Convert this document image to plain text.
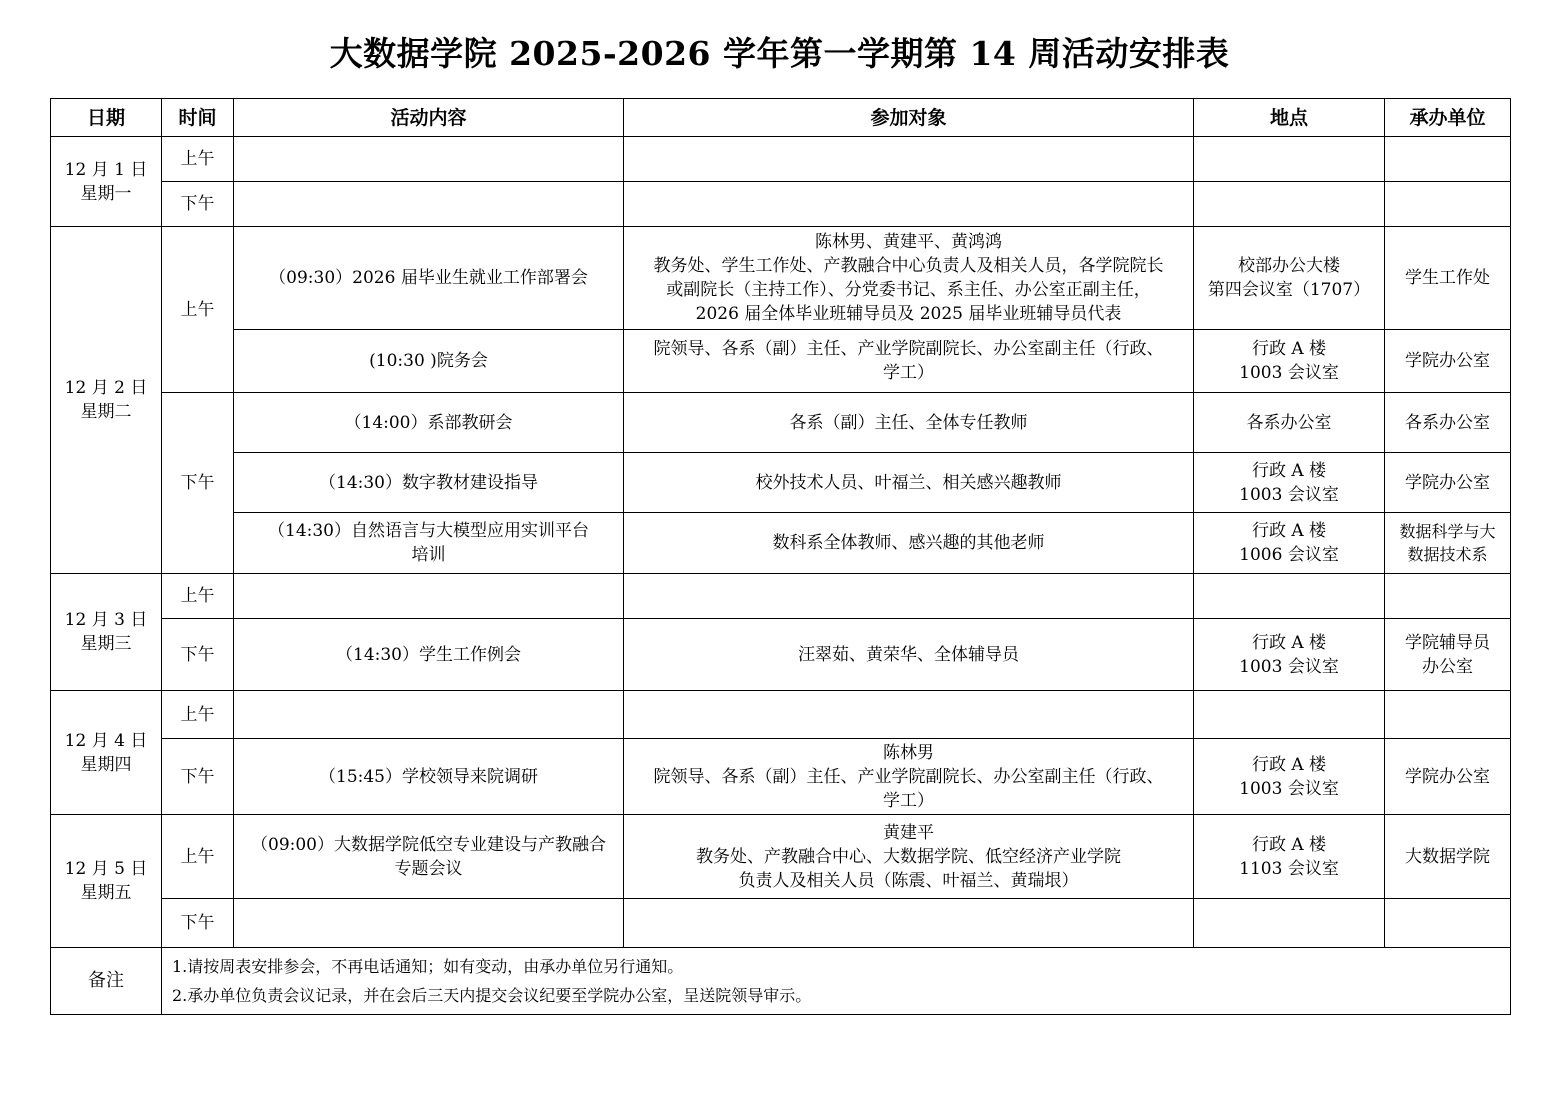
大数据学院 2025-2026 学年第一学期第 14 周活动安排表
日期	时间	活动内容	参加对象	地点	承办单位

12 月 1 日
星期一	上午				
	下午				

12 月 2 日
星期二	上午	（09:30）2026 届毕业生就业工作部署会	陈林男、黄建平、黄鸿鸿
教务处、学生工作处、产教融合中心负责人及相关人员，各学院院长
或副院长（主持工作）、分党委书记、系主任、办公室正副主任，
2026 届全体毕业班辅导员及 2025 届毕业班辅导员代表	校部办公大楼
第四会议室（1707）	学生工作处
		(10:30 )院务会	院领导、各系（副）主任、产业学院副院长、办公室副主任（行政、
学工）	行政 A 楼
1003 会议室	学院办公室
	下午	（14:00）系部教研会	各系（副）主任、全体专任教师	各系办公室	各系办公室
		（14:30）数字教材建设指导	校外技术人员、叶福兰、相关感兴趣教师	行政 A 楼
1003 会议室	学院办公室

		（14:30）自然语言与大模型应用实训平台
培训	数科系全体教师、感兴趣的其他老师	行政 A 楼
1006 会议室	数据科学与大
数据技术系

12 月 3 日
星期三	上午				
	下午	（14:30）学生工作例会	汪翠茹、黄荣华、全体辅导员	行政 A 楼
1003 会议室	学院辅导员
办公室

12 月 4 日
星期四	上午				
	下午	（15:45）学校领导来院调研	陈林男
院领导、各系（副）主任、产业学院副院长、办公室副主任（行政、
学工）	行政 A 楼
1003 会议室	学院办公室

12 月 5 日
星期五	上午	（09:00）大数据学院低空专业建设与产教融合
专题会议	黄建平
教务处、产教融合中心、大数据学院、低空经济产业学院
负责人及相关人员（陈震、叶福兰、黄瑞垠）	行政 A 楼
1103 会议室	大数据学院
	下午				
备注	1.请按周表安排参会，不再电话通知；如有变动，由承办单位另行通知。
2.承办单位负责会议记录，并在会后三天内提交会议纪要至学院办公室，呈送院领导审示。				
